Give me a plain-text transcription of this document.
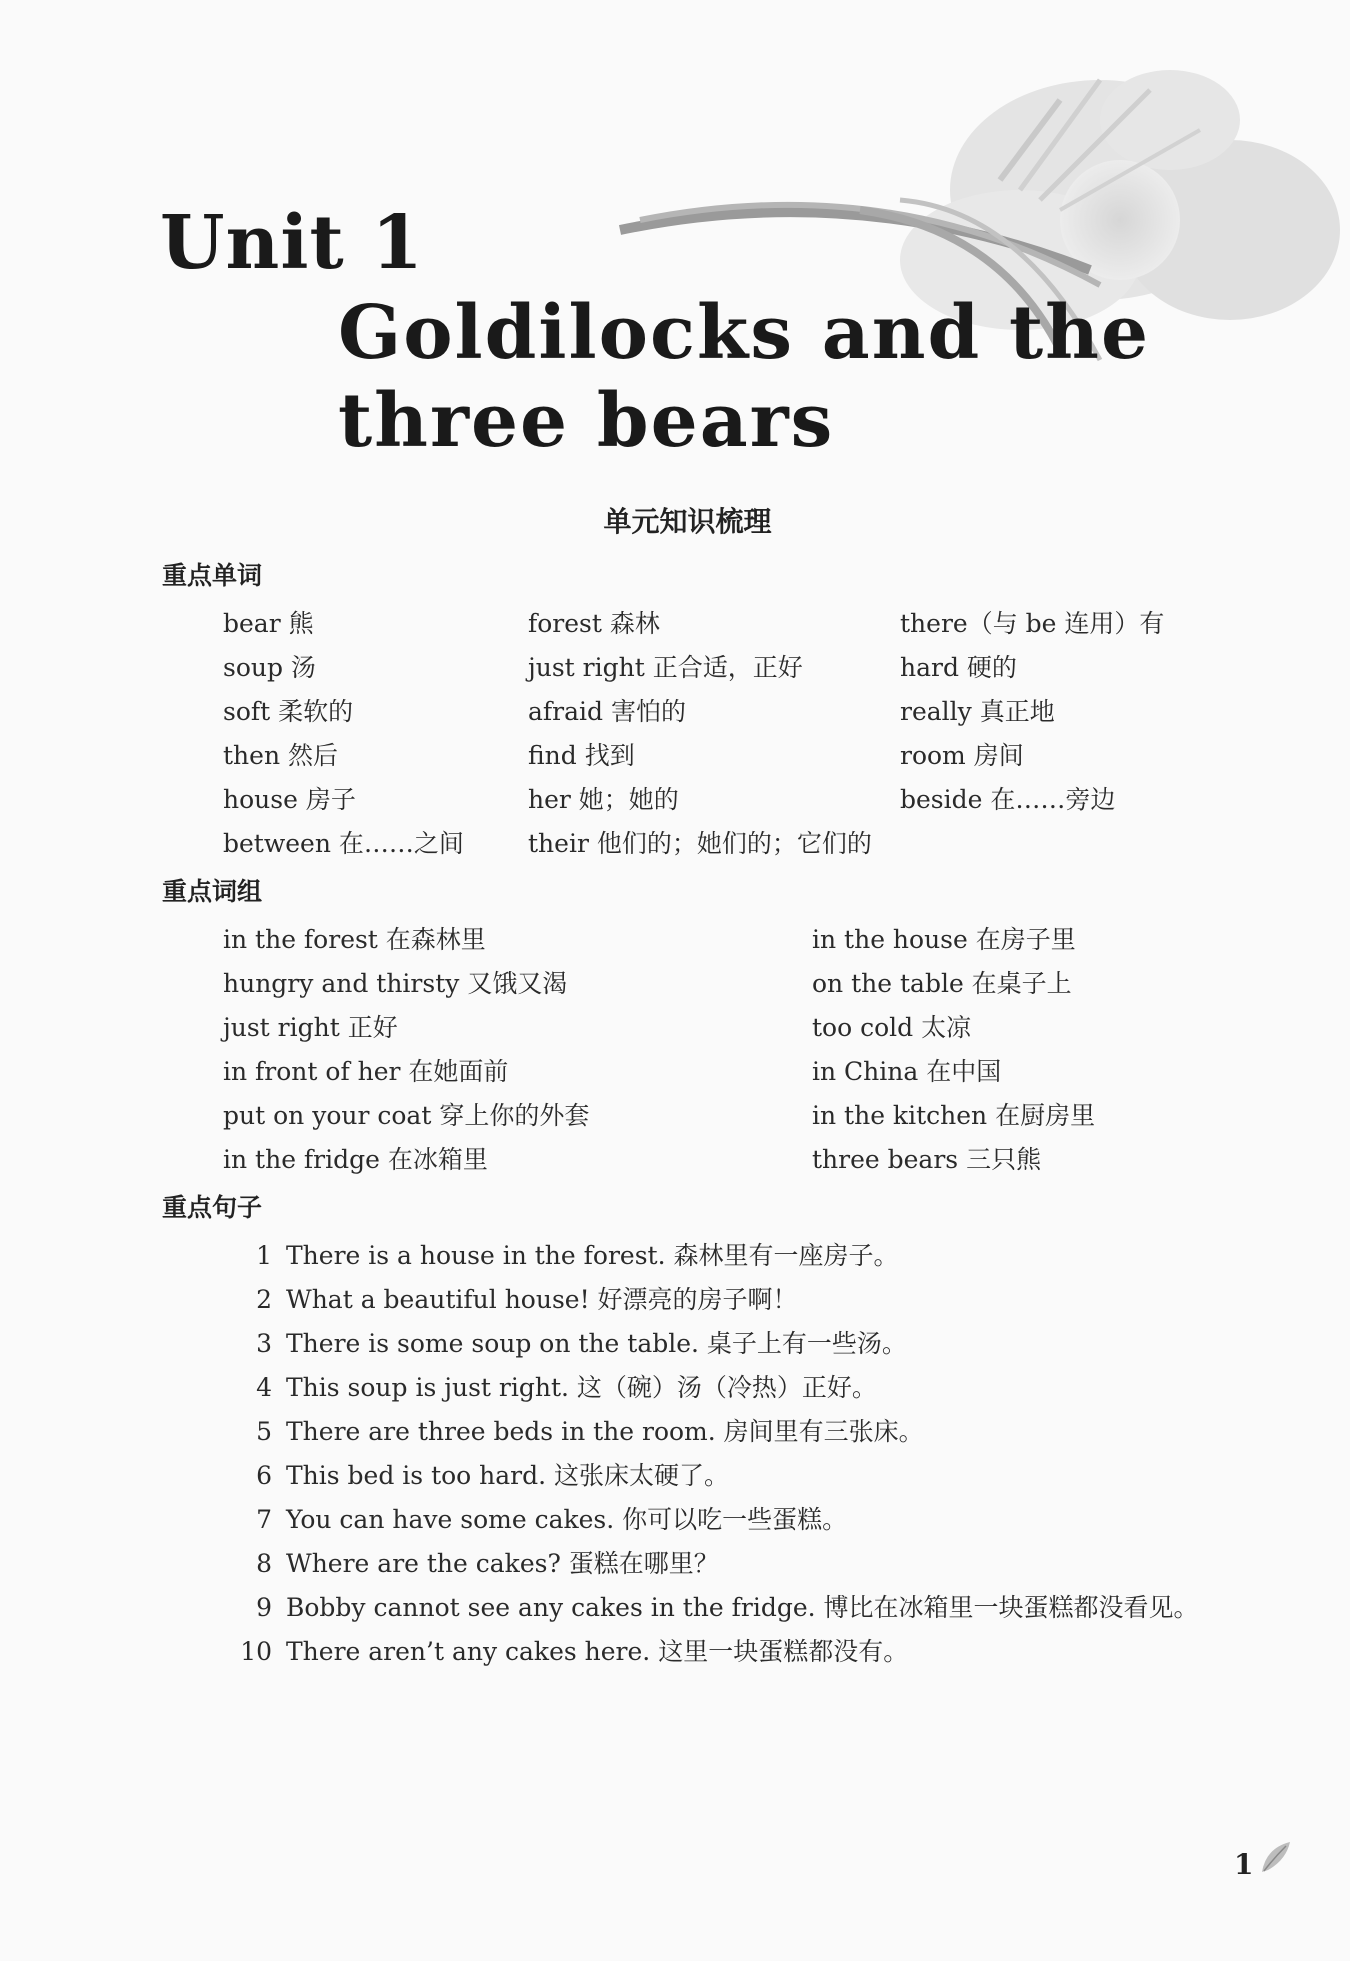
Unit 1
Goldilocks and the
three bears
单元知识梳理
重点单词
bear 熊	forest 森林	there（与 be 连用）有
soup 汤	just right 正合适，正好	hard 硬的
soft 柔软的	afraid 害怕的	really 真正地
then 然后	find 找到	room 房间
house 房子	her 她；她的	beside 在……旁边
between 在……之间	their 他们的；她们的；它们的
重点词组
in the forest 在森林里	in the house 在房子里
hungry and thirsty 又饿又渴	on the table 在桌子上
just right 正好	too cold 太凉
in front of her 在她面前	in China 在中国
put on your coat 穿上你的外套	in the kitchen 在厨房里
in the fridge 在冰箱里	three bears 三只熊
重点句子
1 There is a house in the forest. 森林里有一座房子。
2 What a beautiful house! 好漂亮的房子啊！
3 There is some soup on the table. 桌子上有一些汤。
4 This soup is just right. 这（碗）汤（冷热）正好。
5 There are three beds in the room. 房间里有三张床。
6 This bed is too hard. 这张床太硬了。
7 You can have some cakes. 你可以吃一些蛋糕。
8 Where are the cakes? 蛋糕在哪里？
9 Bobby cannot see any cakes in the fridge. 博比在冰箱里一块蛋糕都没看见。
10 There aren’t any cakes here. 这里一块蛋糕都没有。
1
